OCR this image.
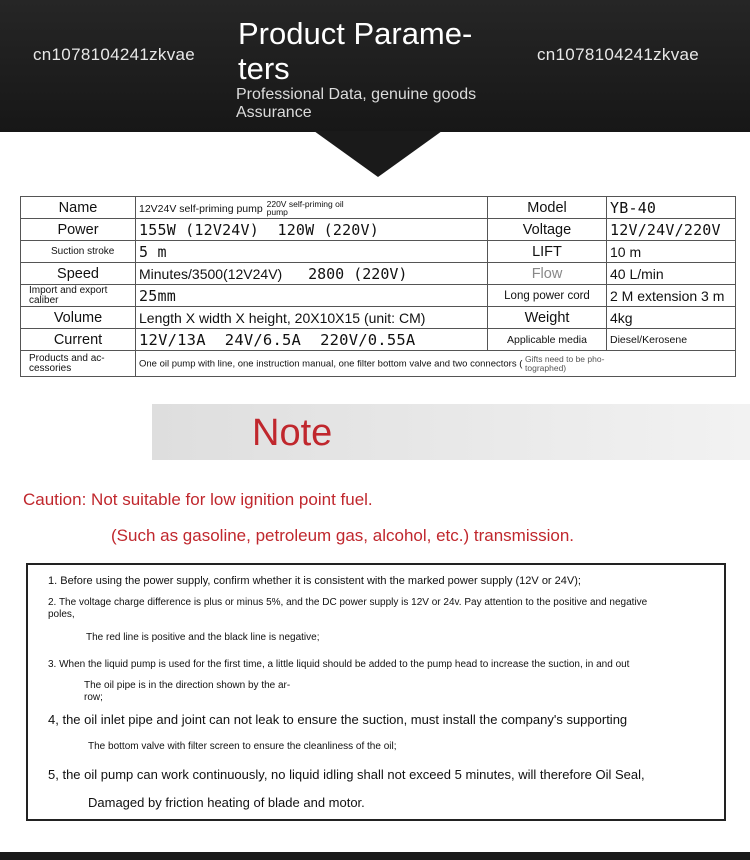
cn1078104241zkvae
Product Parame-ters
Professional Data, genuine goods Assurance
cn1078104241zkvae
Name	12V24V self-priming pump 220V self-priming oil pump	Model	YB-40
Power	155W (12V24V)  120W (220V)	Voltage	12V/24V/220V
Suction stroke	5 m	LIFT	10 m
Speed	Minutes/3500(12V24V) 2800 (220V)	Flow	40 L/min
Import and export caliber	25mm	Long power cord	2 M extension 3 m
Volume	Length X width X height, 20X10X15 (unit: CM)	Weight	4kg
Current	12V/13A  24V/6.5A  220V/0.55A	Applicable media	Diesel/Kerosene
Products and ac-cessories	One oil pump with line, one instruction manual, one filter bottom valve and two connectors ( Gifts need to be pho-tographed)		
Note
Caution: Not suitable for low ignition point fuel.
(Such as gasoline, petroleum gas, alcohol, etc.) transmission.
1. Before using the power supply, confirm whether it is consistent with the marked power supply (12V or 24V);
2. The voltage charge difference is plus or minus 5%, and the DC power supply is 12V or 24v. Pay attention to the positive and negative
poles,
The red line is positive and the black line is negative;
3. When the liquid pump is used for the first time, a little liquid should be added to the pump head to increase the suction, in and out
The oil pipe is in the direction shown by the ar-
row;
4, the oil inlet pipe and joint can not leak to ensure the suction, must install the company's supporting
The bottom valve with filter screen to ensure the cleanliness of the oil;
5, the oil pump can work continuously, no liquid idling shall not exceed 5 minutes, will therefore Oil Seal,
Damaged by friction heating of blade and motor.
